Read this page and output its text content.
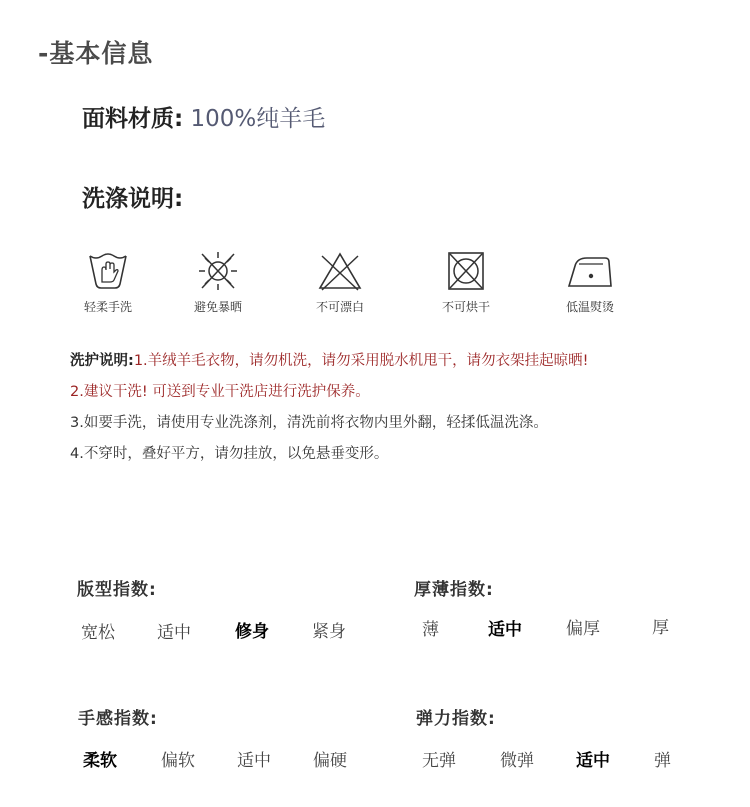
-基本信息
面料材质: 100%纯羊毛
洗涤说明:
轻柔手洗	避免暴晒	不可漂白	不可烘干	低温熨烫
洗护说明:1.羊绒羊毛衣物，请勿机洗，请勿采用脱水机甩干，请勿衣架挂起晾晒!
2.建议干洗! 可送到专业干洗店进行洗护保养。
3.如要手洗，请使用专业洗涤剂，清洗前将衣物内里外翻，轻揉低温洗涤。
4.不穿时，叠好平方，请勿挂放，以免悬垂变形。
版型指数:
宽松 适中	修身	紧身
厚薄指数:
薄	适中	偏厚	厚
手感指数:
柔软	偏软 适中 偏硬
弹力指数:
无弹	微弹 适中	弹
